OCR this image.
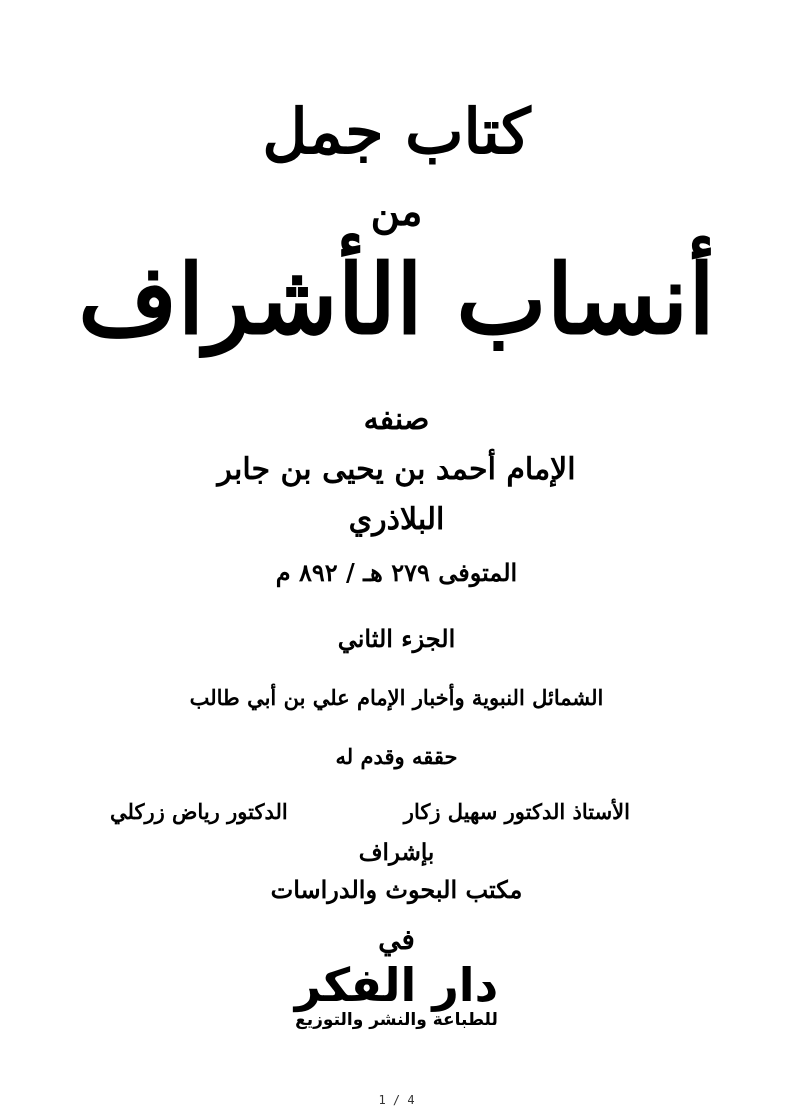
كتاب جمل
من
أنساب الأشراف
صنفه
الإمام أحمد بن يحيى بن جابر
البلاذري
المتوفى ٢٧٩ هـ / ٨٩٢ م
الجزء الثاني
الشمائل النبوية وأخبار الإمام علي بن أبي طالب
حققه وقدم له
الأستاذ الدكتور سهيل زكار
الدكتور رياض زركلي
بإشراف
مكتب البحوث والدراسات
في
دار الفكر
للطباعة والنشر والتوزيع
1 / 4
